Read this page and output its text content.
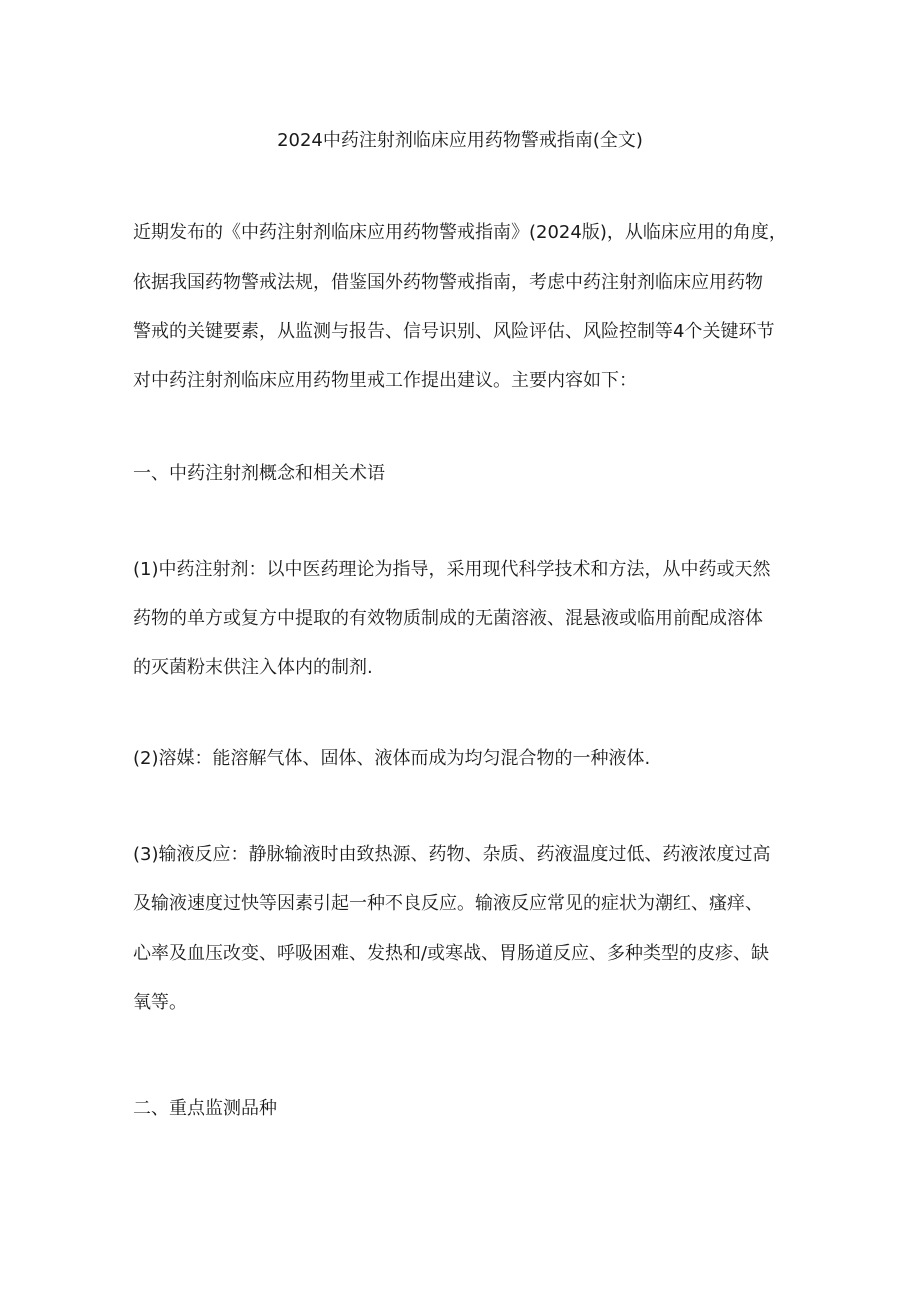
2024中药注射剂临床应用药物警戒指南(全文)
近期发布的《中药注射剂临床应用药物警戒指南》(2024版)，从临床应用的角度，
依据我国药物警戒法规，借鉴国外药物警戒指南，考虑中药注射剂临床应用药物
警戒的关键要素，从监测与报告、信号识别、风险评估、风险控制等4个关键环节
对中药注射剂临床应用药物里戒工作提出建议。主要内容如下：
一、中药注射剂概念和相关术语
(1)中药注射剂：以中医药理论为指导，采用现代科学技术和方法，从中药或天然
药物的单方或复方中提取的有效物质制成的无菌溶液、混悬液或临用前配成溶体
的灭菌粉末供注入体内的制剂.
(2)溶媒：能溶解气体、固体、液体而成为均匀混合物的一种液体.
(3)输液反应：静脉输液时由致热源、药物、杂质、药液温度过低、药液浓度过高
及输液速度过快等因素引起一种不良反应。输液反应常见的症状为潮红、瘙痒、
心率及血压改变、呼吸困难、发热和/或寒战、胃肠道反应、多种类型的皮疹、缺
氧等。
二、重点监测品种
